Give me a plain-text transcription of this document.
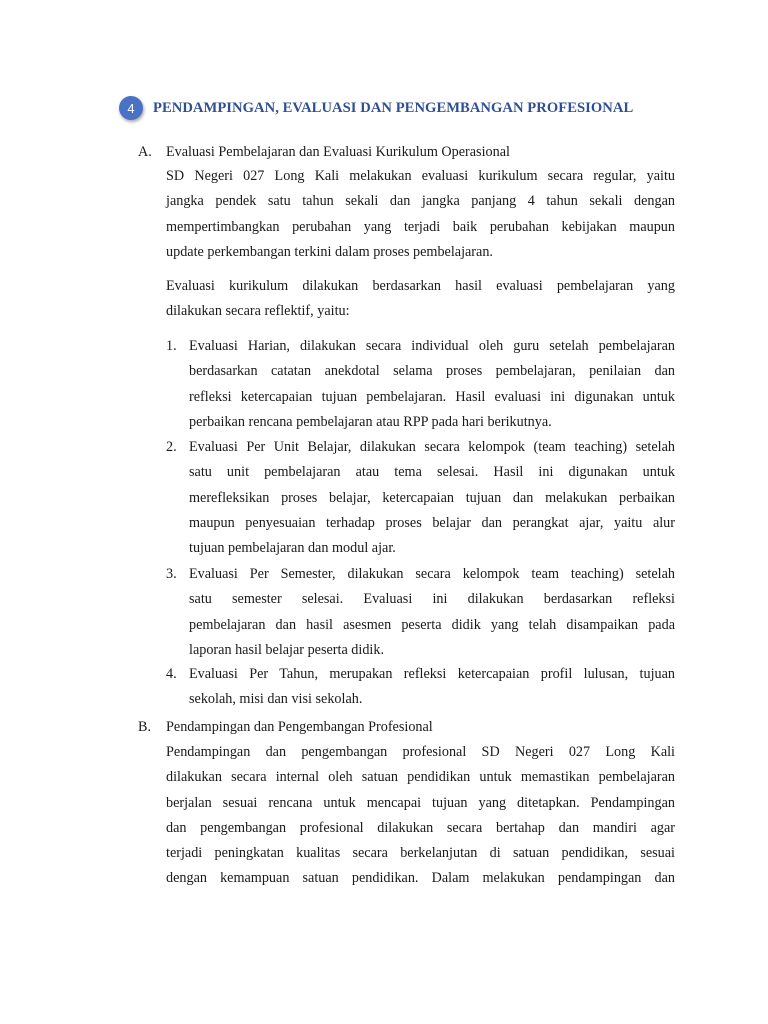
4	PENDAMPINGAN, EVALUASI DAN PENGEMBANGAN PROFESIONAL
A. Evaluasi Pembelajaran dan Evaluasi Kurikulum Operasional

SD Negeri 027 Long Kali melakukan evaluasi kurikulum secara regular, yaitu
jangka pendek satu tahun sekali dan jangka panjang 4 tahun sekali dengan
mempertimbangkan perubahan yang terjadi baik perubahan kebijakan maupun
update perkembangan terkini dalam proses pembelajaran.

Evaluasi kurikulum dilakukan berdasarkan hasil evaluasi pembelajaran yang
dilakukan secara reflektif, yaitu:

1. Evaluasi Harian, dilakukan secara individual oleh guru setelah pembelajaran
berdasarkan catatan anekdotal selama proses pembelajaran, penilaian dan
refleksi ketercapaian tujuan pembelajaran. Hasil evaluasi ini digunakan untuk
perbaikan rencana pembelajaran atau RPP pada hari berikutnya.

2. Evaluasi Per Unit Belajar, dilakukan secara kelompok (team teaching) setelah
satu unit pembelajaran atau tema selesai. Hasil ini digunakan untuk
merefleksikan proses belajar, ketercapaian tujuan dan melakukan perbaikan
maupun penyesuaian terhadap proses belajar dan perangkat ajar, yaitu alur
tujuan pembelajaran dan modul ajar.

3. Evaluasi Per Semester, dilakukan secara kelompok team teaching) setelah
satu semester selesai. Evaluasi ini dilakukan berdasarkan refleksi
pembelajaran dan hasil asesmen peserta didik yang telah disampaikan pada
laporan hasil belajar peserta didik.

4. Evaluasi Per Tahun, merupakan refleksi ketercapaian profil lulusan, tujuan
sekolah, misi dan visi sekolah.

B. Pendampingan dan Pengembangan Profesional

Pendampingan dan pengembangan profesional SD Negeri 027 Long Kali
dilakukan secara internal oleh satuan pendidikan untuk memastikan pembelajaran
berjalan sesuai rencana untuk mencapai tujuan yang ditetapkan. Pendampingan
dan pengembangan profesional dilakukan secara bertahap dan mandiri agar
terjadi peningkatan kualitas secara berkelanjutan di satuan pendidikan, sesuai
dengan kemampuan satuan pendidikan. Dalam melakukan pendampingan dan
